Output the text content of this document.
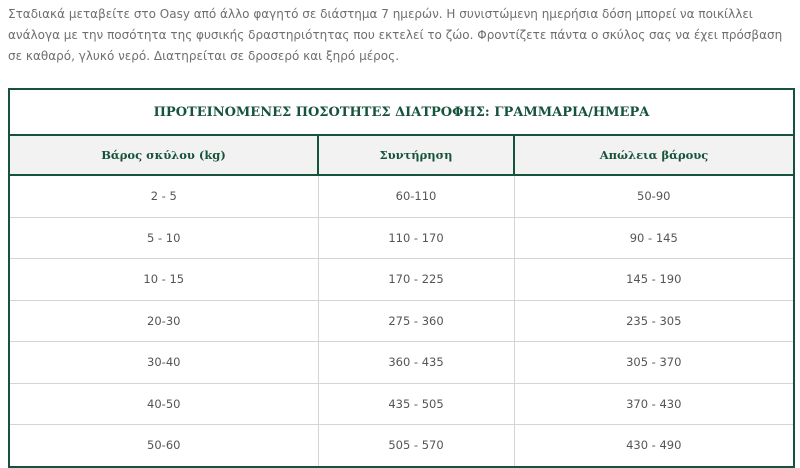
Σταδιακά μεταβείτε στο Oasy από άλλο φαγητό σε διάστημα 7 ημερών. Η συνιστώμενη ημερήσια δόση μπορεί να ποικίλλει ανάλογα με την ποσότητα της φυσικής δραστηριότητας που εκτελεί το ζώο. Φροντίζετε πάντα ο σκύλος σας να έχει πρόσβαση σε καθαρό, γλυκό νερό. Διατηρείται σε δροσερό και ξηρό μέρος.

ΠΡΟΤΕΙΝΟΜΕΝΕΣ ΠΟΣΟΤΗΤΕΣ ΔΙΑΤΡΟΦΗΣ: ΓΡΑΜΜΑΡΙΑ/ΗΜΕΡΑ		
Βάρος σκύλου (kg)	Συντήρηση	Απώλεια βάρους
2 - 5	60-110	50-90
5 - 10	110 - 170	90 - 145
10 - 15	170 - 225	145 - 190
20-30	275 - 360	235 - 305
30-40	360 - 435	305 - 370
40-50	435 - 505	370 - 430
50-60	505 - 570	430 - 490
